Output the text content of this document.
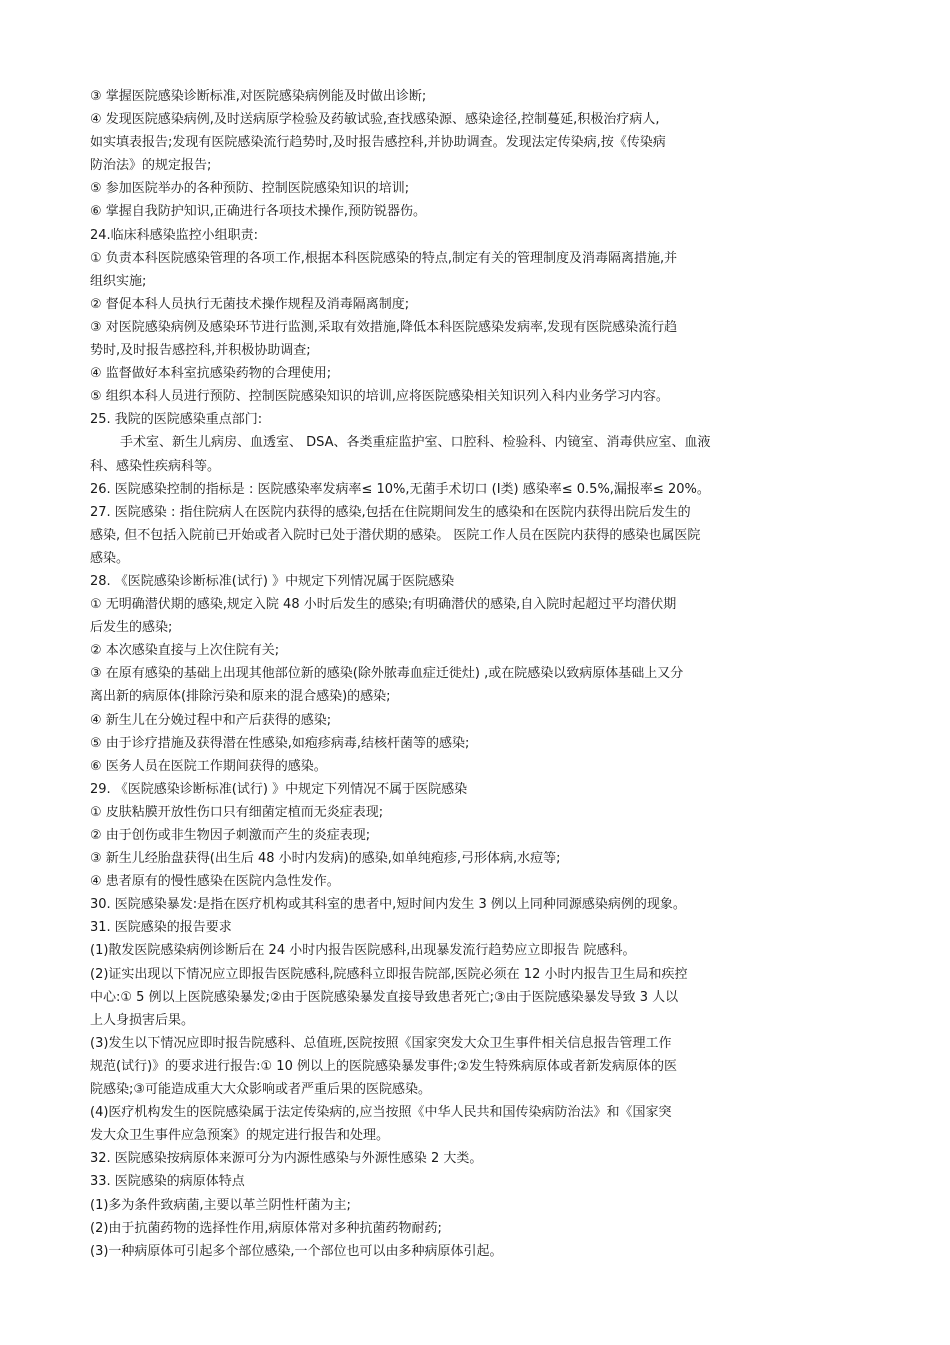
③ 掌握医院感染诊断标准,对医院感染病例能及时做出诊断;
④ 发现医院感染病例,及时送病原学检验及药敏试验,查找感染源、感染途径,控制蔓延,积极治疗病人,
如实填表报告;发现有医院感染流行趋势时,及时报告感控科,并协助调查。发现法定传染病,按《传染病
防治法》的规定报告;
⑤ 参加医院举办的各种预防、控制医院感染知识的培训;
⑥ 掌握自我防护知识,正确进行各项技术操作,预防锐器伤。
24.临床科感染监控小组职责:
① 负责本科医院感染管理的各项工作,根据本科医院感染的特点,制定有关的管理制度及消毒隔离措施,并
组织实施;
② 督促本科人员执行无菌技术操作规程及消毒隔离制度;
③ 对医院感染病例及感染环节进行监测,采取有效措施,降低本科医院感染发病率,发现有医院感染流行趋
势时,及时报告感控科,并积极协助调查;
④ 监督做好本科室抗感染药物的合理使用;
⑤ 组织本科人员进行预防、控制医院感染知识的培训,应将医院感染相关知识列入科内业务学习内容。
25. 我院的医院感染重点部门:
手术室、新生儿病房、血透室、 DSA、各类重症监护室、口腔科、检验科、内镜室、消毒供应室、血液
科、感染性疾病科等。
26. 医院感染控制的指标是 : 医院感染率发病率≤ 10%,无菌手术切口 (Ⅰ类) 感染率≤ 0.5%,漏报率≤ 20%。
27. 医院感染 : 指住院病人在医院内获得的感染,包括在住院期间发生的感染和在医院内获得出院后发生的
感染, 但不包括入院前已开始或者入院时已处于潜伏期的感染。 医院工作人员在医院内获得的感染也属医院
感染。
28. 《医院感染诊断标准(试行) 》中规定下列情况属于医院感染
① 无明确潜伏期的感染,规定入院 48 小时后发生的感染;有明确潜伏的感染,自入院时起超过平均潜伏期
后发生的感染;
② 本次感染直接与上次住院有关;
③ 在原有感染的基础上出现其他部位新的感染(除外脓毒血症迁徙灶) ,或在院感染以致病原体基础上又分
离出新的病原体(排除污染和原来的混合感染)的感染;
④ 新生儿在分娩过程中和产后获得的感染;
⑤ 由于诊疗措施及获得潜在性感染,如疱疹病毒,结核杆菌等的感染;
⑥ 医务人员在医院工作期间获得的感染。
29. 《医院感染诊断标准(试行) 》中规定下列情况不属于医院感染
① 皮肤粘膜开放性伤口只有细菌定植而无炎症表现;
② 由于创伤或非生物因子刺激而产生的炎症表现;
③ 新生儿经胎盘获得(出生后 48 小时内发病)的感染,如单纯疱疹,弓形体病,水痘等;
④ 患者原有的慢性感染在医院内急性发作。
30. 医院感染暴发:是指在医疗机构或其科室的患者中,短时间内发生 3 例以上同种同源感染病例的现象。
31. 医院感染的报告要求
(1)散发医院感染病例诊断后在 24 小时内报告医院感科,出现暴发流行趋势应立即报告 院感科。
(2)证实出现以下情况应立即报告医院感科,院感科立即报告院部,医院必须在 12 小时内报告卫生局和疾控
中心:① 5 例以上医院感染暴发;②由于医院感染暴发直接导致患者死亡;③由于医院感染暴发导致 3 人以
上人身损害后果。
(3)发生以下情况应即时报告院感科、总值班,医院按照《国家突发大众卫生事件相关信息报告管理工作
规范(试行)》的要求进行报告:① 10 例以上的医院感染暴发事件;②发生特殊病原体或者新发病原体的医
院感染;③可能造成重大大众影响或者严重后果的医院感染。
(4)医疗机构发生的医院感染属于法定传染病的,应当按照《中华人民共和国传染病防治法》和《国家突
发大众卫生事件应急预案》的规定进行报告和处理。
32. 医院感染按病原体来源可分为内源性感染与外源性感染 2 大类。
33. 医院感染的病原体特点
(1)多为条件致病菌,主要以革兰阴性杆菌为主;
(2)由于抗菌药物的选择性作用,病原体常对多种抗菌药物耐药;
(3)一种病原体可引起多个部位感染,一个部位也可以由多种病原体引起。
